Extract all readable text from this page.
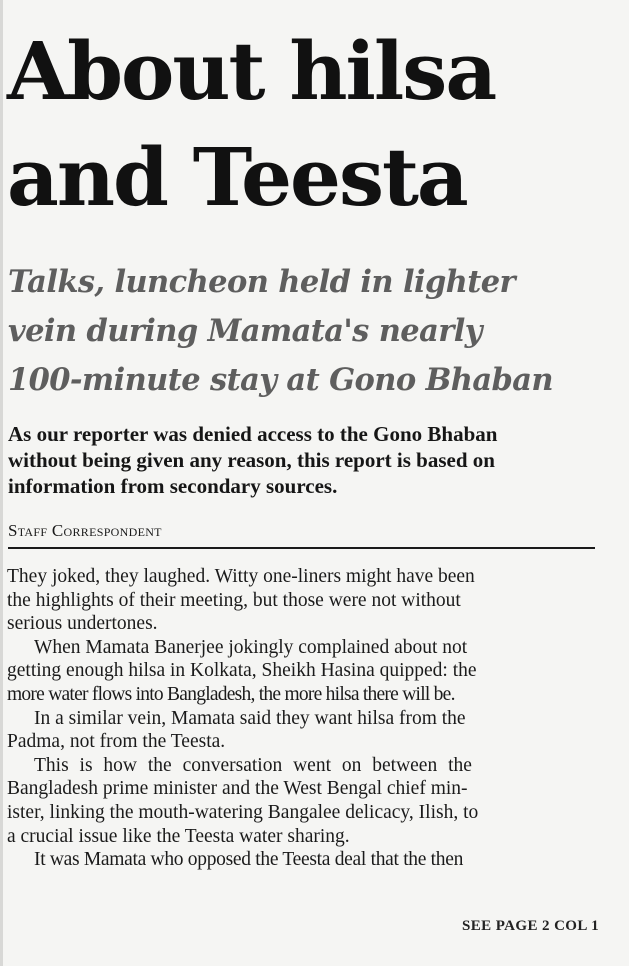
About hilsa
and Teesta
Talks, luncheon held in lighter
vein during Mamata's nearly
100-minute stay at Gono Bhaban
As our reporter was denied access to the Gono Bhaban
without being given any reason, this report is based on
information from secondary sources.
Staff Correspondent
They joked, they laughed. Witty one-liners might have been
the highlights of their meeting, but those were not without
serious undertones.
When Mamata Banerjee jokingly complained about not
getting enough hilsa in Kolkata, Sheikh Hasina quipped: the
more water flows into Bangladesh, the more hilsa there will be.
In a similar vein, Mamata said they want hilsa from the
Padma, not from the Teesta.
This is how the conversation went on between the
Bangladesh prime minister and the West Bengal chief min-
ister, linking the mouth-watering Bangalee delicacy, Ilish, to
a crucial issue like the Teesta water sharing.
It was Mamata who opposed the Teesta deal that the then
SEE PAGE 2 COL 1
